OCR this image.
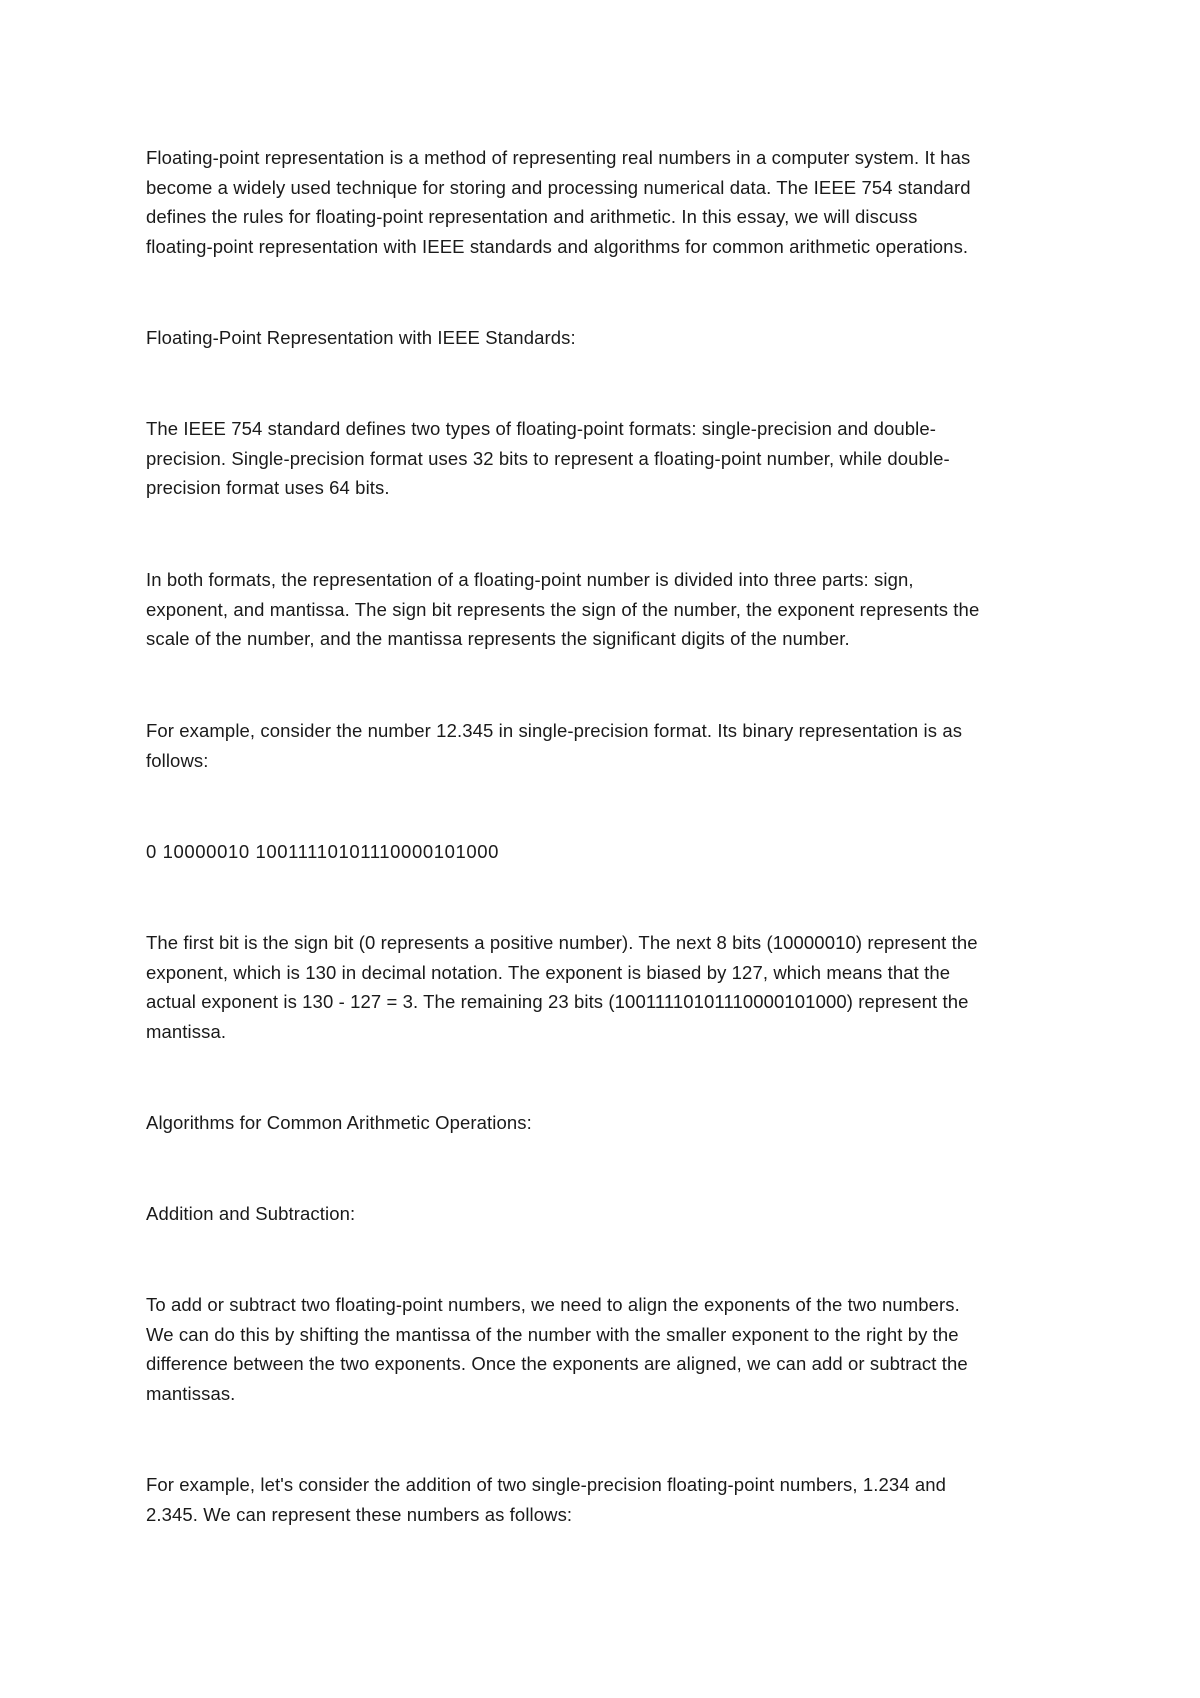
Floating-point representation is a method of representing real numbers in a computer system. It has
become a widely used technique for storing and processing numerical data. The IEEE 754 standard
defines the rules for floating-point representation and arithmetic. In this essay, we will discuss
floating-point representation with IEEE standards and algorithms for common arithmetic operations.

Floating-Point Representation with IEEE Standards:

The IEEE 754 standard defines two types of floating-point formats: single-precision and double-
precision. Single-precision format uses 32 bits to represent a floating-point number, while double-
precision format uses 64 bits.

In both formats, the representation of a floating-point number is divided into three parts: sign,
exponent, and mantissa. The sign bit represents the sign of the number, the exponent represents the
scale of the number, and the mantissa represents the significant digits of the number.

For example, consider the number 12.345 in single-precision format. Its binary representation is as
follows:

0 10000010 10011110101110000101000

The first bit is the sign bit (0 represents a positive number). The next 8 bits (10000010) represent the
exponent, which is 130 in decimal notation. The exponent is biased by 127, which means that the
actual exponent is 130 - 127 = 3. The remaining 23 bits (10011110101110000101000) represent the
mantissa.

Algorithms for Common Arithmetic Operations:

Addition and Subtraction:

To add or subtract two floating-point numbers, we need to align the exponents of the two numbers.
We can do this by shifting the mantissa of the number with the smaller exponent to the right by the
difference between the two exponents. Once the exponents are aligned, we can add or subtract the
mantissas.

For example, let's consider the addition of two single-precision floating-point numbers, 1.234 and
2.345. We can represent these numbers as follows:
